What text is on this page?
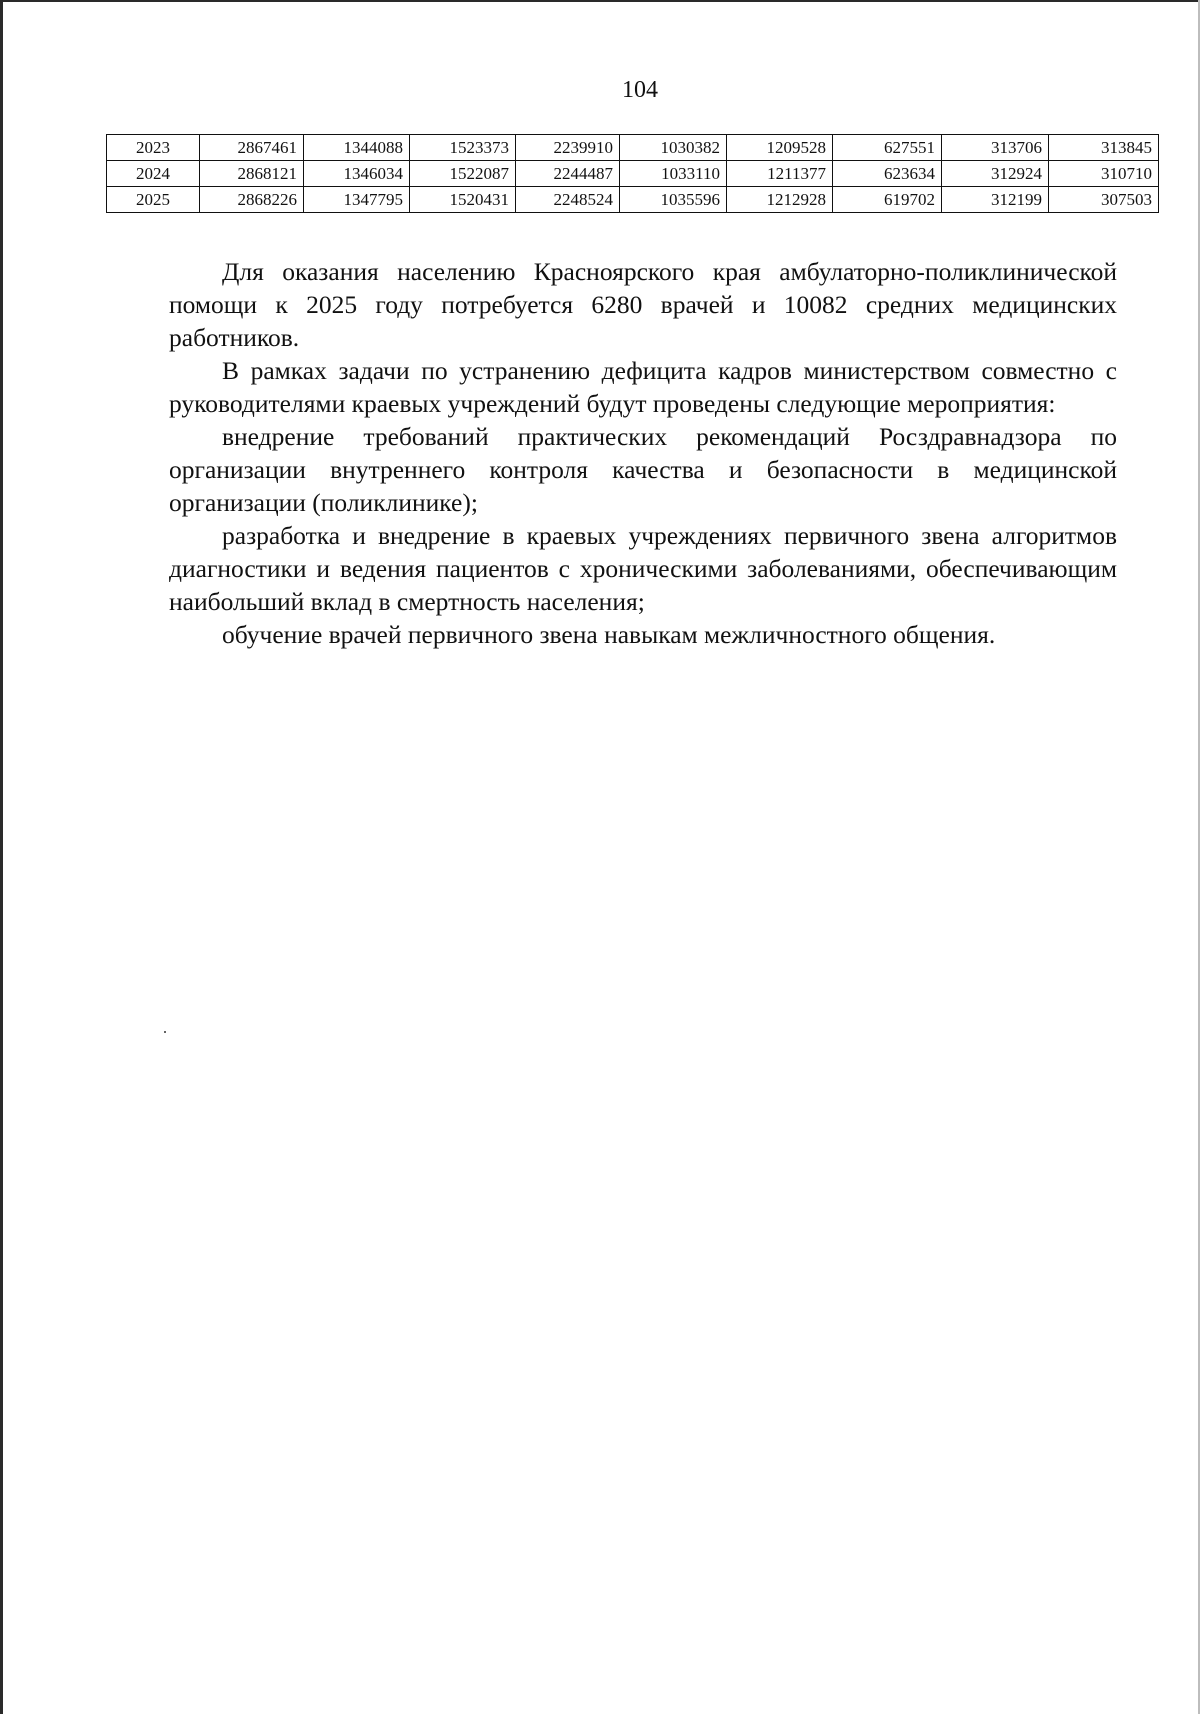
104
2023	2867461	1344088	1523373	2239910	1030382	1209528	627551	313706	313845
2024	2868121	1346034	1522087	2244487	1033110	1211377	623634	312924	310710
2025	2868226	1347795	1520431	2248524	1035596	1212928	619702	312199	307503

Для оказания населению Красноярского края амбулаторно-поликлинической помощи к 2025 году потребуется 6280 врачей и 10082 средних медицинских работников.

В рамках задачи по устранению дефицита кадров министерством совместно с руководителями краевых учреждений будут проведены следующие мероприятия:

внедрение требований практических рекомендаций Росздравнадзора по организации внутреннего контроля качества и безопасности в медицинской организации (поликлинике);

разработка и внедрение в краевых учреждениях первичного звена алгоритмов диагностики и ведения пациентов с хроническими заболеваниями, обеспечивающим наибольший вклад в смертность населения;

обучение врачей первичного звена навыкам межличностного общения.
